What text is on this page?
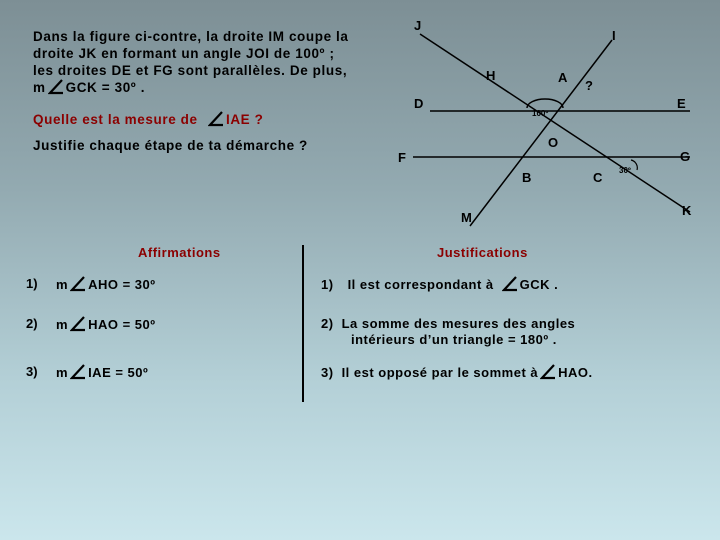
Dans la figure ci-contre, la droite IM coupe la
droite JK en formant un angle JOI de 100º ;
les droites DE et FG sont parallèles. De plus,
m GCK = 30º .
Quelle est la mesure de IAE ?
Justifie chaque étape de ta démarche ?
J
I
H	A
?
D	E
100º
O
F	G
B	C 30º
M	K
Affirmations	Justifications
1) m AHO = 30º	1) Il est correspondant à GCK .
2) m HAO = 50º	2) La somme des mesures des angles
intérieurs d’un triangle = 180º .
3) m IAE = 50º	3) Il est opposé par le sommet à HAO.
